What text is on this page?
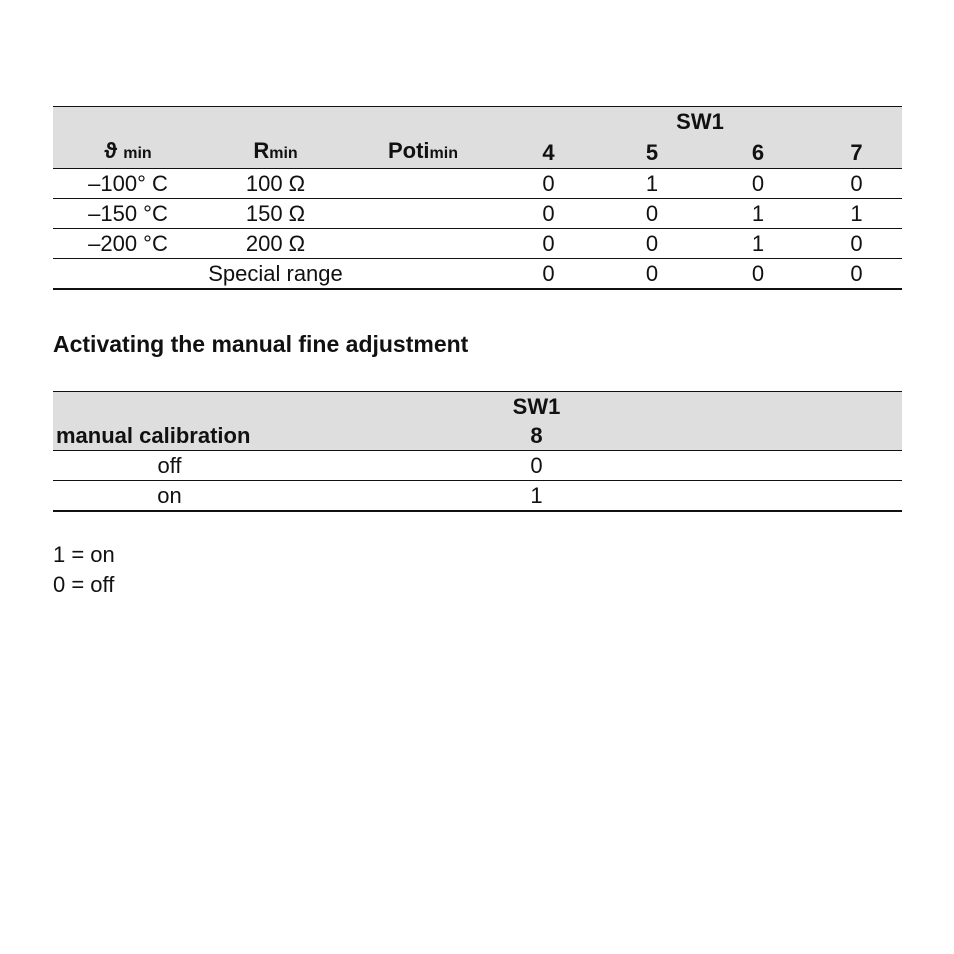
			SW1			
ϑ min	Rmin	Potimin	4	5	6	7
–100° C	100 Ω		0	1	0	0
–150 °C	150 Ω		0	0	1	1
–200 °C	200 Ω		0	0	1	0
Special range			0	0	0	0
Activating the manual fine adjustment
		SW1	
manual calibration		8	
off		0	
on		1	
1 = on
0 = off
